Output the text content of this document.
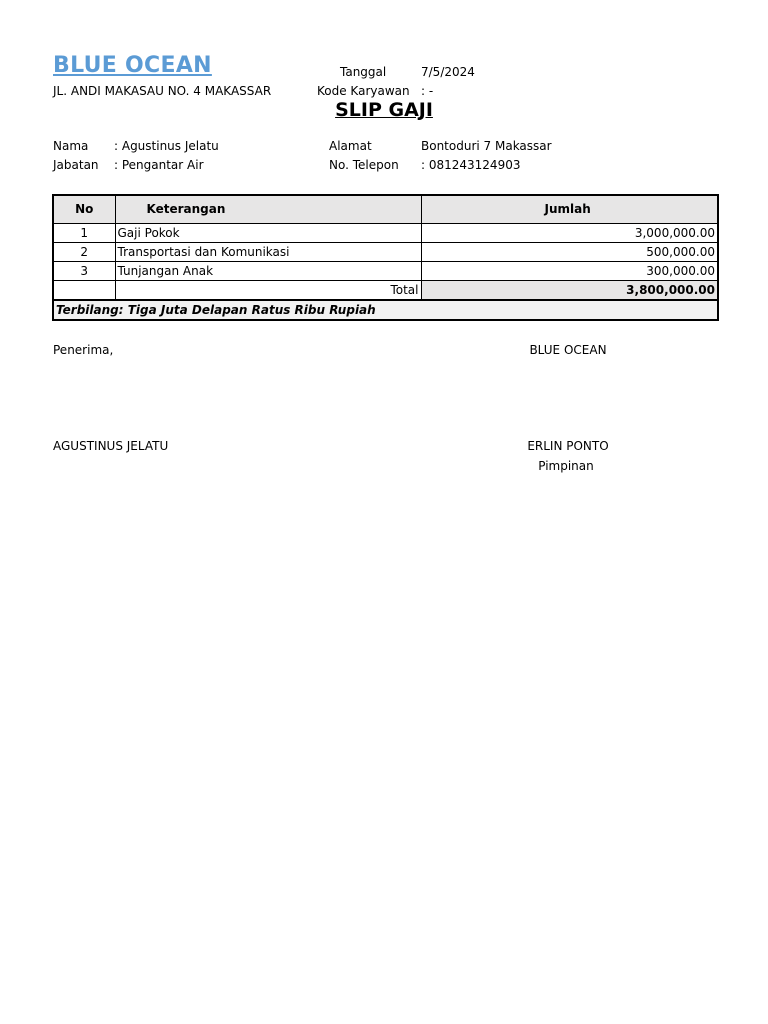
BLUE OCEAN
JL. ANDI MAKASAU NO. 4 MAKASSAR
Tanggal	7/5/2024
Kode Karyawan : -
SLIP GAJI
Nama : Agustinus Jelatu
Jabatan : Pengantar Air
Alamat	Bontoduri 7 Makassar
No. Telepon : 081243124903
No	Keterangan	Jumlah
1	Gaji Pokok	3,000,000.00
2	Transportasi dan Komunikasi	500,000.00
3	Tunjangan Anak	300,000.00
	Total	3,800,000.00
Terbilang: Tiga Juta Delapan Ratus Ribu Rupiah		
Penerima,
AGUSTINUS JELATU
BLUE OCEAN
ERLIN PONTO
Pimpinan
